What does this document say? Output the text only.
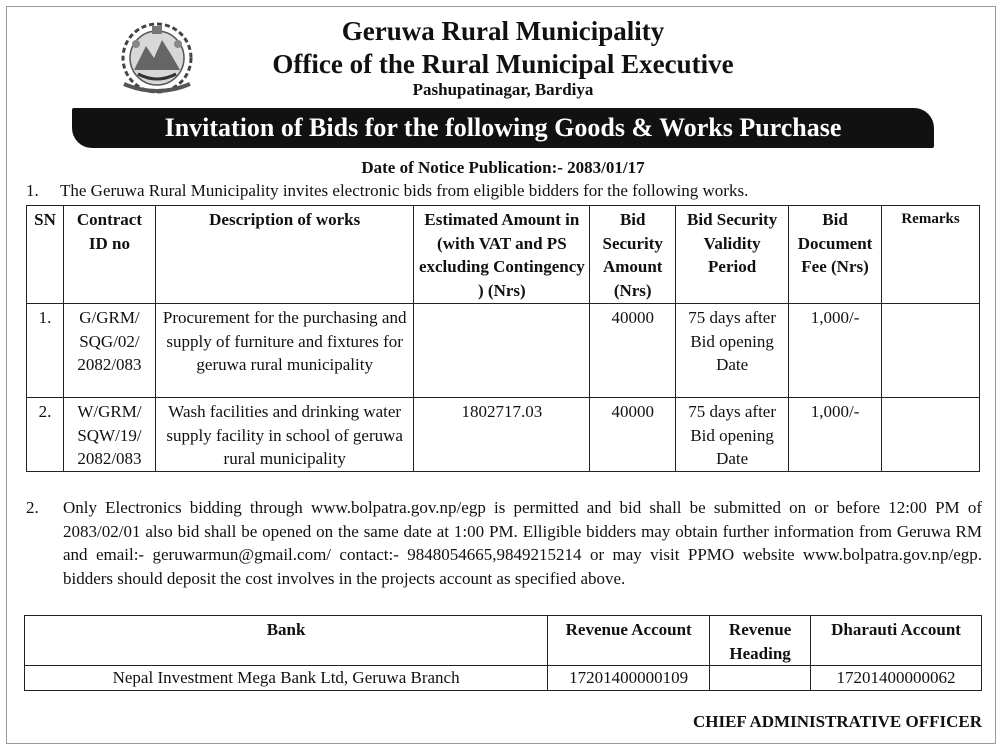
Geruwa Rural Municipality
Office of the Rural Municipal Executive
Pashupatinagar, Bardiya
Invitation of Bids for the following Goods & Works Purchase
Date of Notice Publication:- 2083/01/17
1. The Geruwa Rural Municipality invites electronic bids from eligible bidders for the following works.
SN	Contract ID no	Description of works	Estimated Amount in (with VAT and PS excluding Contingency ) (Nrs)	Bid Security Amount (Nrs)	Bid Security Validity Period	Bid Document Fee (Nrs)	Remarks
1.	G/GRM/ SQG/02/ 2082/083	Procurement for the purchasing and supply of furniture and fixtures for geruwa rural municipality		40000	75 days after Bid opening Date	1,000/-	
2.	W/GRM/ SQW/19/ 2082/083	Wash facilities and drinking water supply facility in school of geruwa rural municipality	1802717.03	40000	75 days after Bid opening Date	1,000/-	
2. Only Electronics bidding through www.bolpatra.gov.np/egp is permitted and bid shall be submitted on or before 12:00 PM of 2083/02/01 also bid shall be opened on the same date at 1:00 PM. Elligible bidders may obtain further information from Geruwa RM and email:- geruwarmun@gmail.com/ contact:- 9848054665,9849215214 or may visit PPMO website www.bolpatra.gov.np/egp. bidders should deposit the cost involves in the projects account as specified above.
Bank	Revenue Account	Revenue Heading	Dharauti Account
Nepal Investment Mega Bank Ltd, Geruwa Branch	17201400000109		17201400000062
CHIEF ADMINISTRATIVE OFFICER
